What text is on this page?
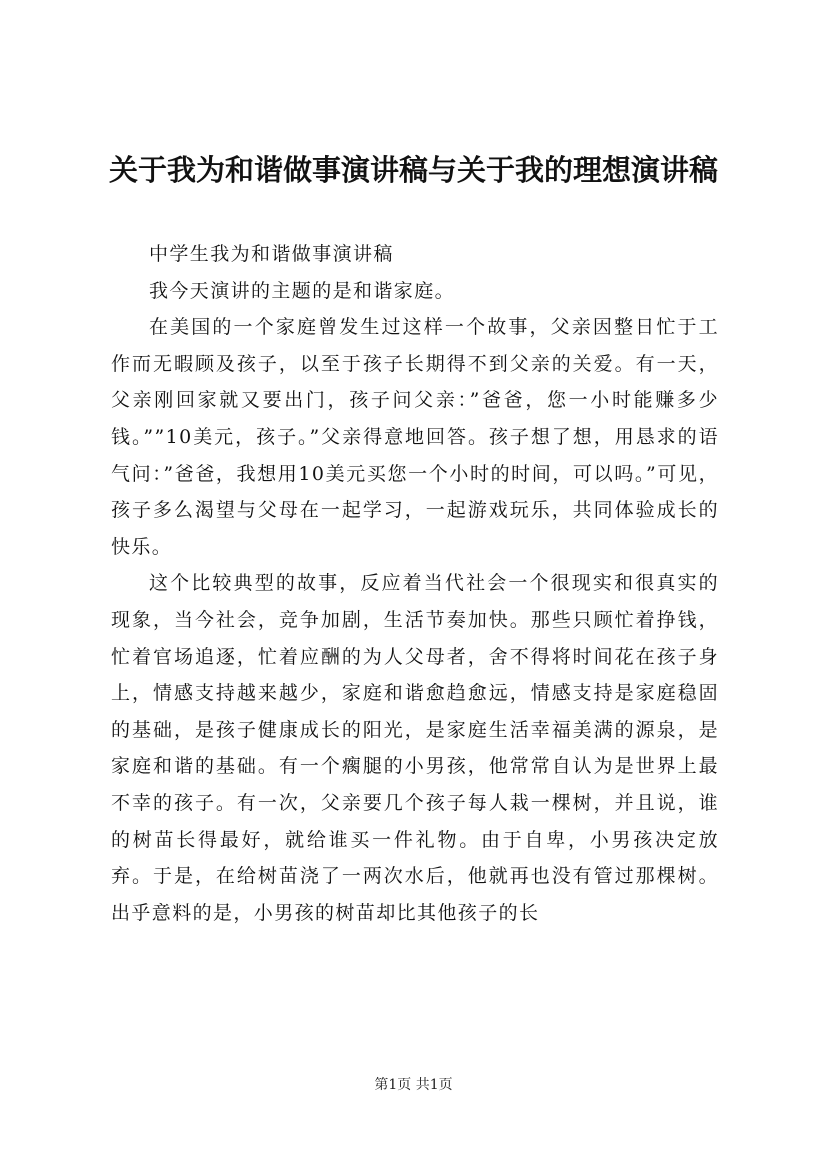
关于我为和谐做事演讲稿与关于我的理想演讲稿

中学生我为和谐做事演讲稿

我今天演讲的主题的是和谐家庭。

在美国的一个家庭曾发生过这样一个故事，父亲因整日忙于工作而无暇顾及孩子，以至于孩子长期得不到父亲的关爱。有一天，父亲刚回家就又要出门，孩子问父亲：”爸爸，您一小时能赚多少钱。””10美元，孩子。”父亲得意地回答。孩子想了想，用恳求的语气问：”爸爸，我想用10美元买您一个小时的时间，可以吗。”可见，孩子多么渴望与父母在一起学习，一起游戏玩乐，共同体验成长的快乐。

这个比较典型的故事，反应着当代社会一个很现实和很真实的现象，当今社会，竞争加剧，生活节奏加快。那些只顾忙着挣钱，忙着官场追逐，忙着应酬的为人父母者，舍不得将时间花在孩子身上，情感支持越来越少，家庭和谐愈趋愈远，情感支持是家庭稳固的基础，是孩子健康成长的阳光，是家庭生活幸福美满的源泉，是家庭和谐的基础。有一个瘸腿的小男孩，他常常自认为是世界上最不幸的孩子。有一次，父亲要几个孩子每人栽一棵树，并且说，谁的树苗长得最好，就给谁买一件礼物。由于自卑，小男孩决定放弃。于是，在给树苗浇了一两次水后，他就再也没有管过那棵树。出乎意料的是，小男孩的树苗却比其他孩子的长

第1页 共1页
